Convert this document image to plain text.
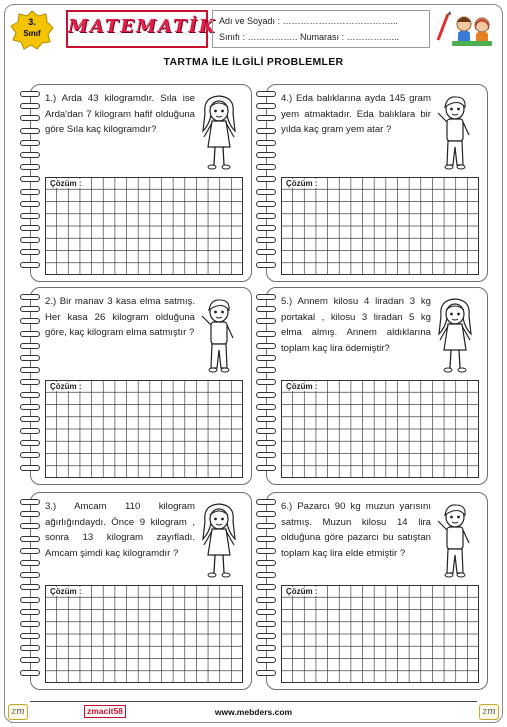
3.
Sınıf	MATEMATİK Adı ve Soyadı : ………………………………...
Sınıfı : …………….. Numarası : ……………...
TARTMA İLE İLGİLİ PROBLEMLER
1.) Arda 43 kilogramdır. Sıla ise Arda'dan 7 kilogram hafif olduğuna göre Sıla kaç kilogramdır?
Çözüm :
4.) Eda balıklarına ayda 145 gram yem atmaktadır. Eda balıklara bir yılda kaç gram yem atar ?
Çözüm :
2.) Bir manav 3 kasa elma satmış. Her kasa 26 kilogram olduğuna göre, kaç kilogram elma satmıştır ?
Çözüm :
5.) Annem kilosu 4 liradan 3 kg portakal , kilosu 3 liradan 5 kg elma almış. Annem aldıklarına toplam kaç lira ödemiştir?
Çözüm :
3.) Amcam 110 kilogram ağırlığındaydı. Önce 9 kilogram , sonra 13 kilogram zayıfladı. Amcam şimdi kaç kilogramdır ?
Çözüm :
6.) Pazarcı 90 kg muzun yarısını satmış. Muzun kilosu 14 lira olduğuna göre pazarcı bu satıştan toplam kaç lira elde etmiştir ?
Çözüm :
zm	zmacit58	www.mebders.com	zm
